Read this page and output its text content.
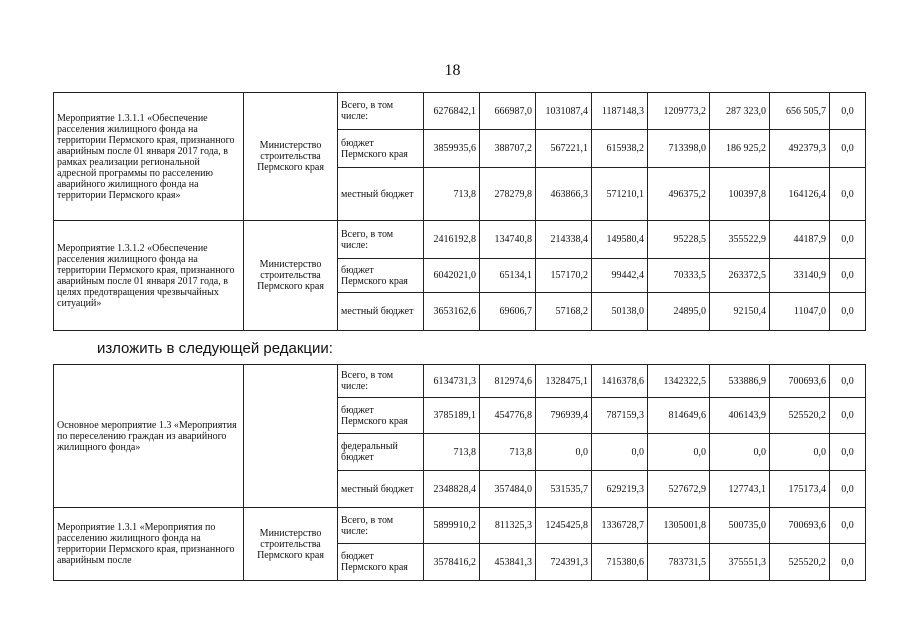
18
Мероприятие 1.3.1.1 «Обеспечение расселения жилищного фонда на территории Пермского края, признанного аварийным после 01 января 2017 года, в рамках реализации региональной адресной программы по расселению аварийного жилищного фонда на территории Пермского края»	Министерство строительства Пермского края	Всего, в том числе:	6276842,1	666987,0	1031087,4	1187148,3	1209773,2	287 323,0	656 505,7	0,0
		бюджет Пермского края	3859935,6	388707,2	567221,1	615938,2	713398,0	186 925,2	492379,3	0,0
		местный бюджет	713,8	278279,8	463866,3	571210,1	496375,2	100397,8	164126,4	0,0
Мероприятие 1.3.1.2 «Обеспечение расселения жилищного фонда на территории Пермского края, признанного аварийным после 01 января 2017 года, в целях предотвращения чрезвычайных ситуаций»	Министерство строительства Пермского края	Всего, в том числе:	2416192,8	134740,8	214338,4	149580,4	95228,5	355522,9	44187,9	0,0
		бюджет Пермского края	6042021,0	65134,1	157170,2	99442,4	70333,5	263372,5	33140,9	0,0
		местный бюджет	3653162,6	69606,7	57168,2	50138,0	24895,0	92150,4	11047,0	0,0
изложить в следующей редакции:
Основное мероприятие 1.3 «Мероприятия по переселению граждан из аварийного жилищного фонда»		Всего, в том числе:	6134731,3	812974,6	1328475,1	1416378,6	1342322,5	533886,9	700693,6	0,0
		бюджет Пермского края	3785189,1	454776,8	796939,4	787159,3	814649,6	406143,9	525520,2	0,0
		федеральный бюджет	713,8	713,8	0,0	0,0	0,0	0,0	0,0	0,0
		местный бюджет	2348828,4	357484,0	531535,7	629219,3	527672,9	127743,1	175173,4	0,0
Мероприятие 1.3.1 «Мероприятия по расселению жилищного фонда на территории Пермского края, признанного аварийным после	Министерство строительства Пермского края	Всего, в том числе:	5899910,2	811325,3	1245425,8	1336728,7	1305001,8	500735,0	700693,6	0,0
		бюджет Пермского края	3578416,2	453841,3	724391,3	715380,6	783731,5	375551,3	525520,2	0,0
